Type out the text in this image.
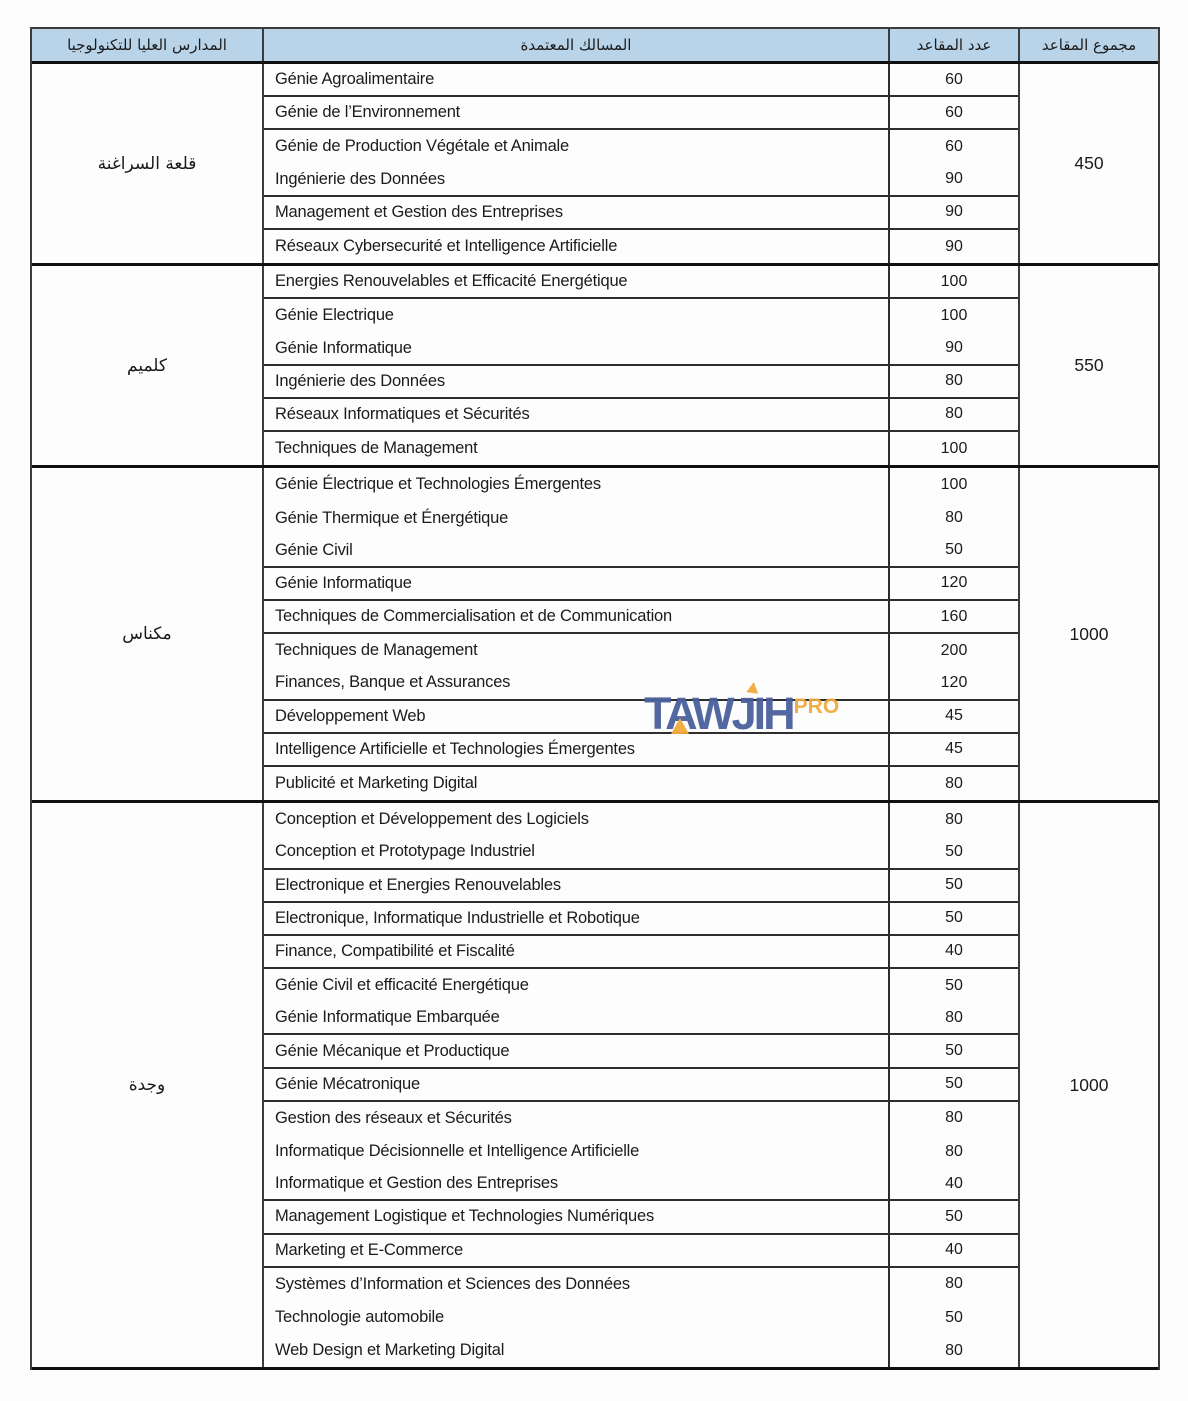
TAWJIH PRO
المدارس العليا للتكنولوجيا	المسالك المعتمدة	عدد المقاعد	مجموع المقاعد
قلعة السراغنة
Génie Agroalimentaire	60
Génie de l’Environnement	60
Génie de Production Végétale et Animale	60
Ingénierie des Données	90
Management et Gestion des Entreprises	90
Réseaux Cybersecurité et Intelligence Artificielle	90
450
كلميم
Energies Renouvelables et Efficacité Energétique	100
Génie Electrique	100
Génie Informatique	90
Ingénierie des Données	80
Réseaux Informatiques et Sécurités	80
Techniques de Management	100
550
مكناس
Génie Électrique et Technologies Émergentes	100
Génie Thermique et Énergétique	80
Génie Civil	50
Génie Informatique	120
Techniques de Commercialisation et de Communication	160
Techniques de Management	200
Finances, Banque et Assurances	120
Développement Web	45
Intelligence Artificielle et Technologies Émergentes	45
Publicité et Marketing Digital	80
1000
وجدة
Conception et Développement des Logiciels	80
Conception et Prototypage Industriel	50
Electronique et Energies Renouvelables	50
Electronique, Informatique Industrielle et Robotique	50
Finance, Compatibilité et Fiscalité	40
Génie Civil et efficacité Energétique	50
Génie Informatique Embarquée	80
Génie Mécanique et Productique	50
Génie Mécatronique	50
Gestion des réseaux et Sécurités	80
Informatique Décisionnelle et Intelligence Artificielle	80
Informatique et Gestion des Entreprises	40
Management Logistique et Technologies Numériques	50
Marketing et E-Commerce	40
Systèmes d’Information et Sciences des Données	80
Technologie automobile	50
Web Design et Marketing Digital	80
1000
